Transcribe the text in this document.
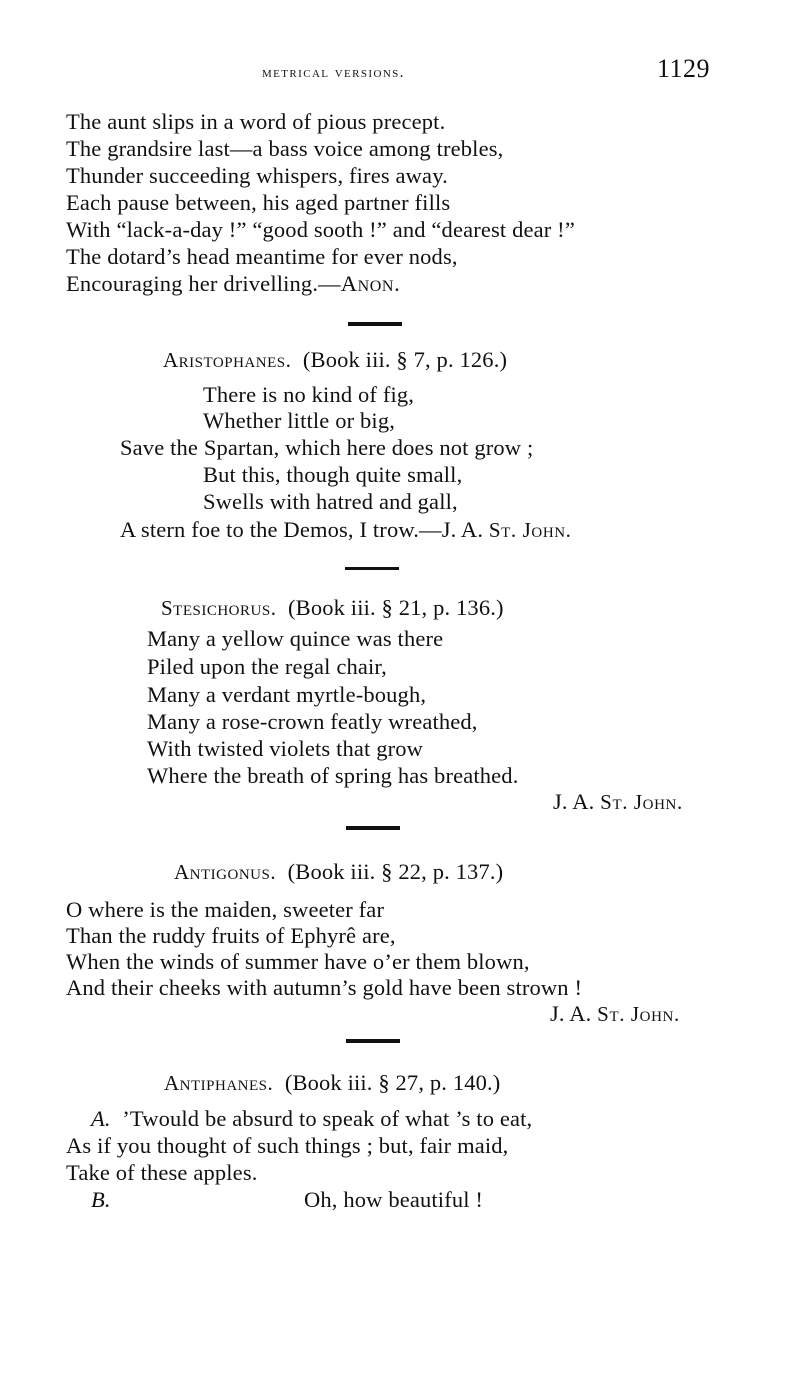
metrical versions.	1129
The aunt slips in a word of pious precept.
The grandsire last—a bass voice among trebles,
Thunder succeeding whispers, fires away.
Each pause between, his aged partner fills
With “lack-a-day !” “good sooth !” and “dearest dear !”
The dotard’s head meantime for ever nods,
Encouraging her drivelling.—Anon.
Aristophanes. (Book iii. § 7, p. 126.)
There is no kind of fig,
Whether little or big,
Save the Spartan, which here does not grow ;
But this, though quite small,
Swells with hatred and gall,
A stern foe to the Demos, I trow.—J. A. St. John.
Stesichorus. (Book iii. § 21, p. 136.)
Many a yellow quince was there
Piled upon the regal chair,
Many a verdant myrtle-bough,
Many a rose-crown featly wreathed,
With twisted violets that grow
Where the breath of spring has breathed.
J. A. St. John.
Antigonus. (Book iii. § 22, p. 137.)
O where is the maiden, sweeter far
Than the ruddy fruits of Ephyrê are,
When the winds of summer have o’er them blown,
And their cheeks with autumn’s gold have been strown !
J. A. St. John.
Antiphanes. (Book iii. § 27, p. 140.)
A. ’Twould be absurd to speak of what ’s to eat,
As if you thought of such things ; but, fair maid,
Take of these apples.
B.	Oh, how beautiful !
